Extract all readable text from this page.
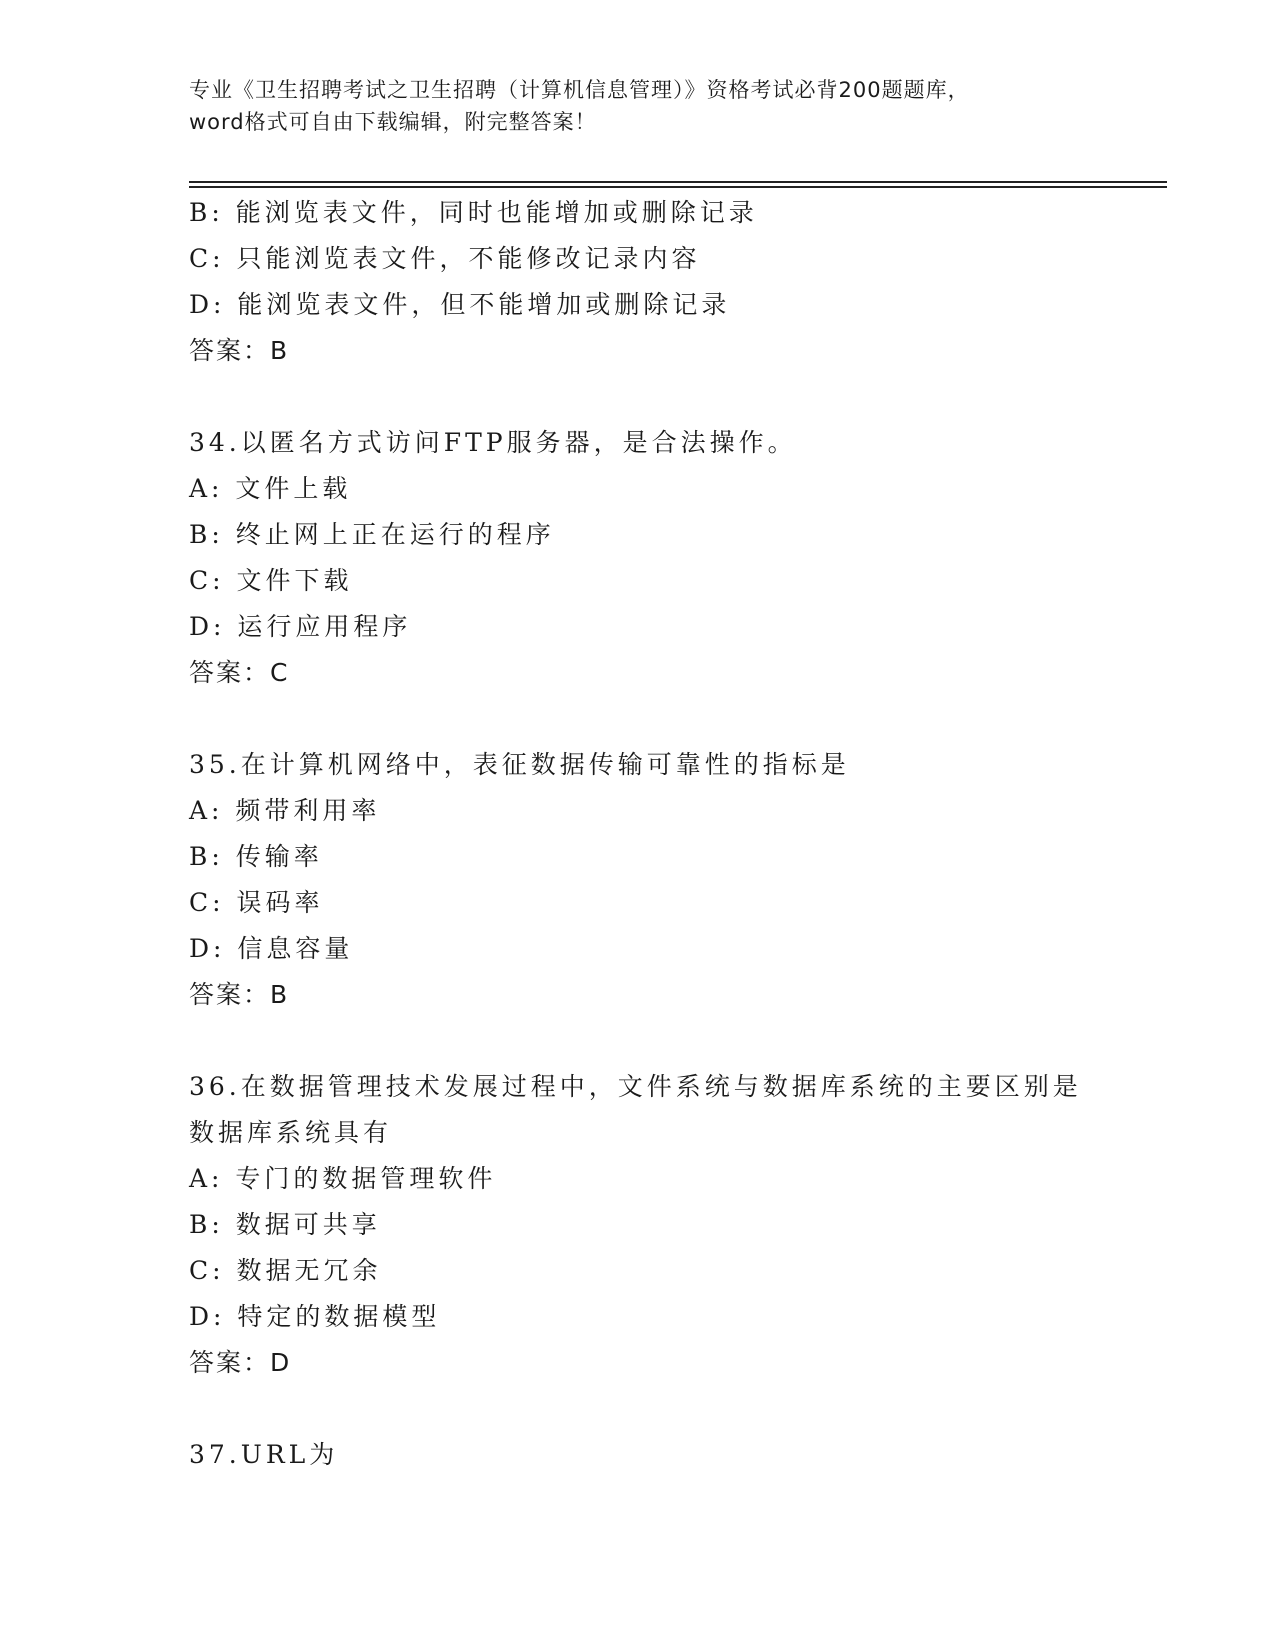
专业《卫生招聘考试之卫生招聘（计算机信息管理）》资格考试必背200题题库，
word格式可自由下载编辑，附完整答案！
B: 能浏览表文件，同时也能增加或删除记录
C: 只能浏览表文件，不能修改记录内容
D: 能浏览表文件，但不能增加或删除记录
答案：B
34.以匿名方式访问FTP服务器，是合法操作。
A: 文件上载
B: 终止网上正在运行的程序
C: 文件下载
D: 运行应用程序
答案：C
35.在计算机网络中，表征数据传输可靠性的指标是
A: 频带利用率
B: 传输率
C: 误码率
D: 信息容量
答案：B
36.在数据管理技术发展过程中，文件系统与数据库系统的主要区别是
数据库系统具有
A: 专门的数据管理软件
B: 数据可共享
C: 数据无冗余
D: 特定的数据模型
答案：D
37.URL为
